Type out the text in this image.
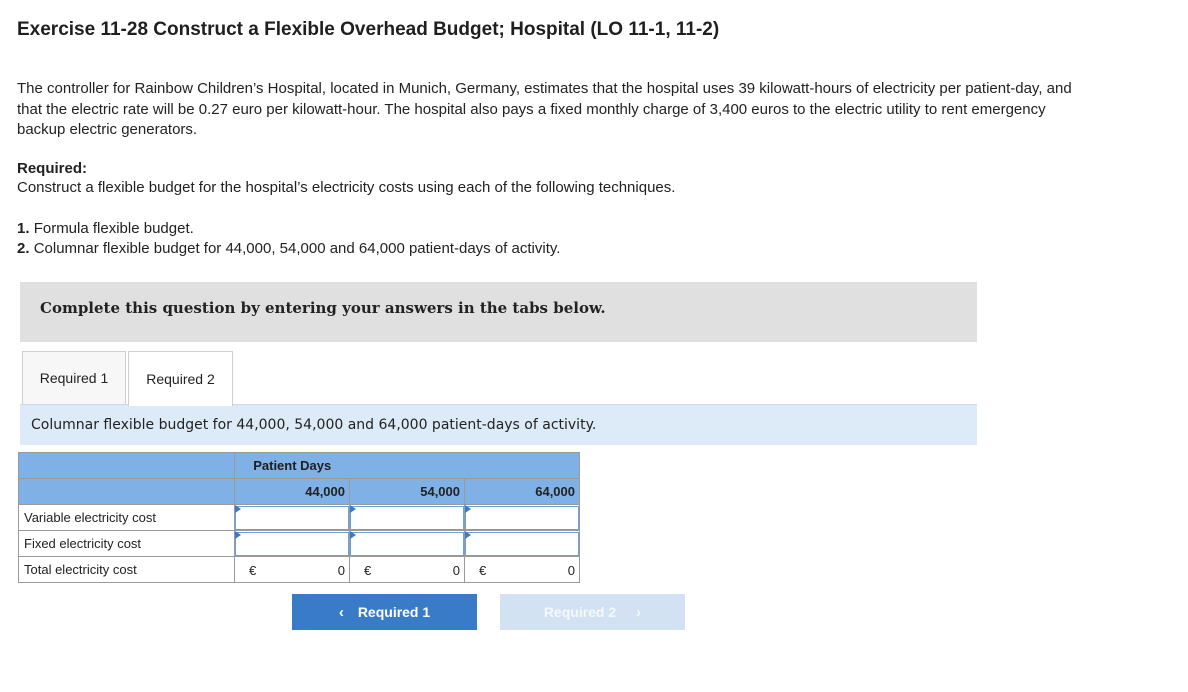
Exercise 11-28 Construct a Flexible Overhead Budget; Hospital (LO 11-1, 11-2)

The controller for Rainbow Children’s Hospital, located in Munich, Germany, estimates that the hospital uses 39 kilowatt-hours of electricity per patient-day, and that the electric rate will be 0.27 euro per kilowatt-hour. The hospital also pays a fixed monthly charge of 3,400 euros to the electric utility to rent emergency backup electric generators.

Required:

Construct a flexible budget for the hospital’s electricity costs using each of the following techniques.

1. Formula flexible budget.

2. Columnar flexible budget for 44,000, 54,000 and 64,000 patient-days of activity.

Complete this question by entering your answers in the tabs below.
Required 1	Required 2
Columnar flexible budget for 44,000, 54,000 and 64,000 patient-days of activity.
	Patient Days		
	44,000	54,000	64,000
Variable electricity cost	

Fixed electricity cost	

Total electricity cost	€ 0	€ 0	€ 0
‹ Required 1	Required 2 ›
